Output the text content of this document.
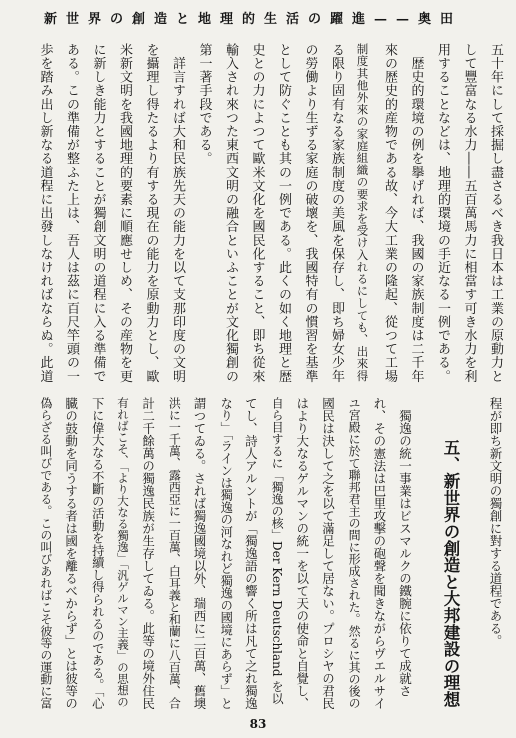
新世界の創造と地理的生活の躍進——奥田
五十年にして採掘し盡さるべき我日本は工業の原動力と
して豐富なる水力――五百萬馬力に相當す可き水力を利
用することなどは、地理的環境の手近なる一例である。
　歴史的環境の例を擧げれば、我國の家族制度は二千年
來の歴史的産物である故、今大工業の隆起、從つて工場
制度其他外來の家庭組織の要求を受け入れるにしても、出來得
る限り固有なる家族制度の美風を保存し、即ち婦女少年
の勞働より生ずる家庭の破壞を、我國特有の慣習を基準
として防ぐことも其の一例である。此くの如く地理と歴
史との力によつて歐米文化を國民化すること、即ち從來
輸入され來つた東西文明の融合といふことが文化獨創の
第一著手段である。
　詳言すれば大和民族先天の能力を以て支那印度の文明
を攝理し得たるより有する現在の能力を原動力とし、歐
米新文明を我國地理的要素に順應せしめ、その産物を更
に新しき能力とすることが獨創文明の道程に入る準備で
ある。この準備が整ふた上は、吾人は茲に百尺竿頭の一
歩を踏み出し新なる道程に出發しなければならぬ。此道
程が即ち新文明の獨創に對する道程である。
五、新世界の創造と大邦建設の理想
　獨逸の統一事業はビスマルクの鐵腕に依りて成就さ
れ、その憲法は巴里攻擊の砲聲を聞きながらヴエルサイ
ユ宮殿に於て聯邦君主の間に形成された。然るに其の後の
國民は決して之を以て滿足して居ない。プロシヤの君民
はより大なるゲルマンの統一を以て天の使命と自覺し、
自ら目するに「獨逸の核」Der Kern Deutschland を以
てし、詩人アルントが「獨逸語の響く所は凡て之れ獨逸
なり」「ラインは獨逸の河なれど獨逸の國境にあらず」と
謂つてゐる。されば獨逸國境以外、瑞西に二百萬、舊墺
洪に一千萬、露西亞に一百萬、白耳義と和蘭に八百萬、合
計二千餘萬の獨逸民族が生存してゐる。此等の境外住民
有ればこそ、「より大なる獨逸」「汎ゲルマン主義」の思想の
下に偉大なる不斷の活動を持續し得られるのである。「心
臓の鼓動を同うする者は國を離るべからず」とは彼等の
偽らざる叫びである。この叫びあればこそ彼等の運動に富
83
